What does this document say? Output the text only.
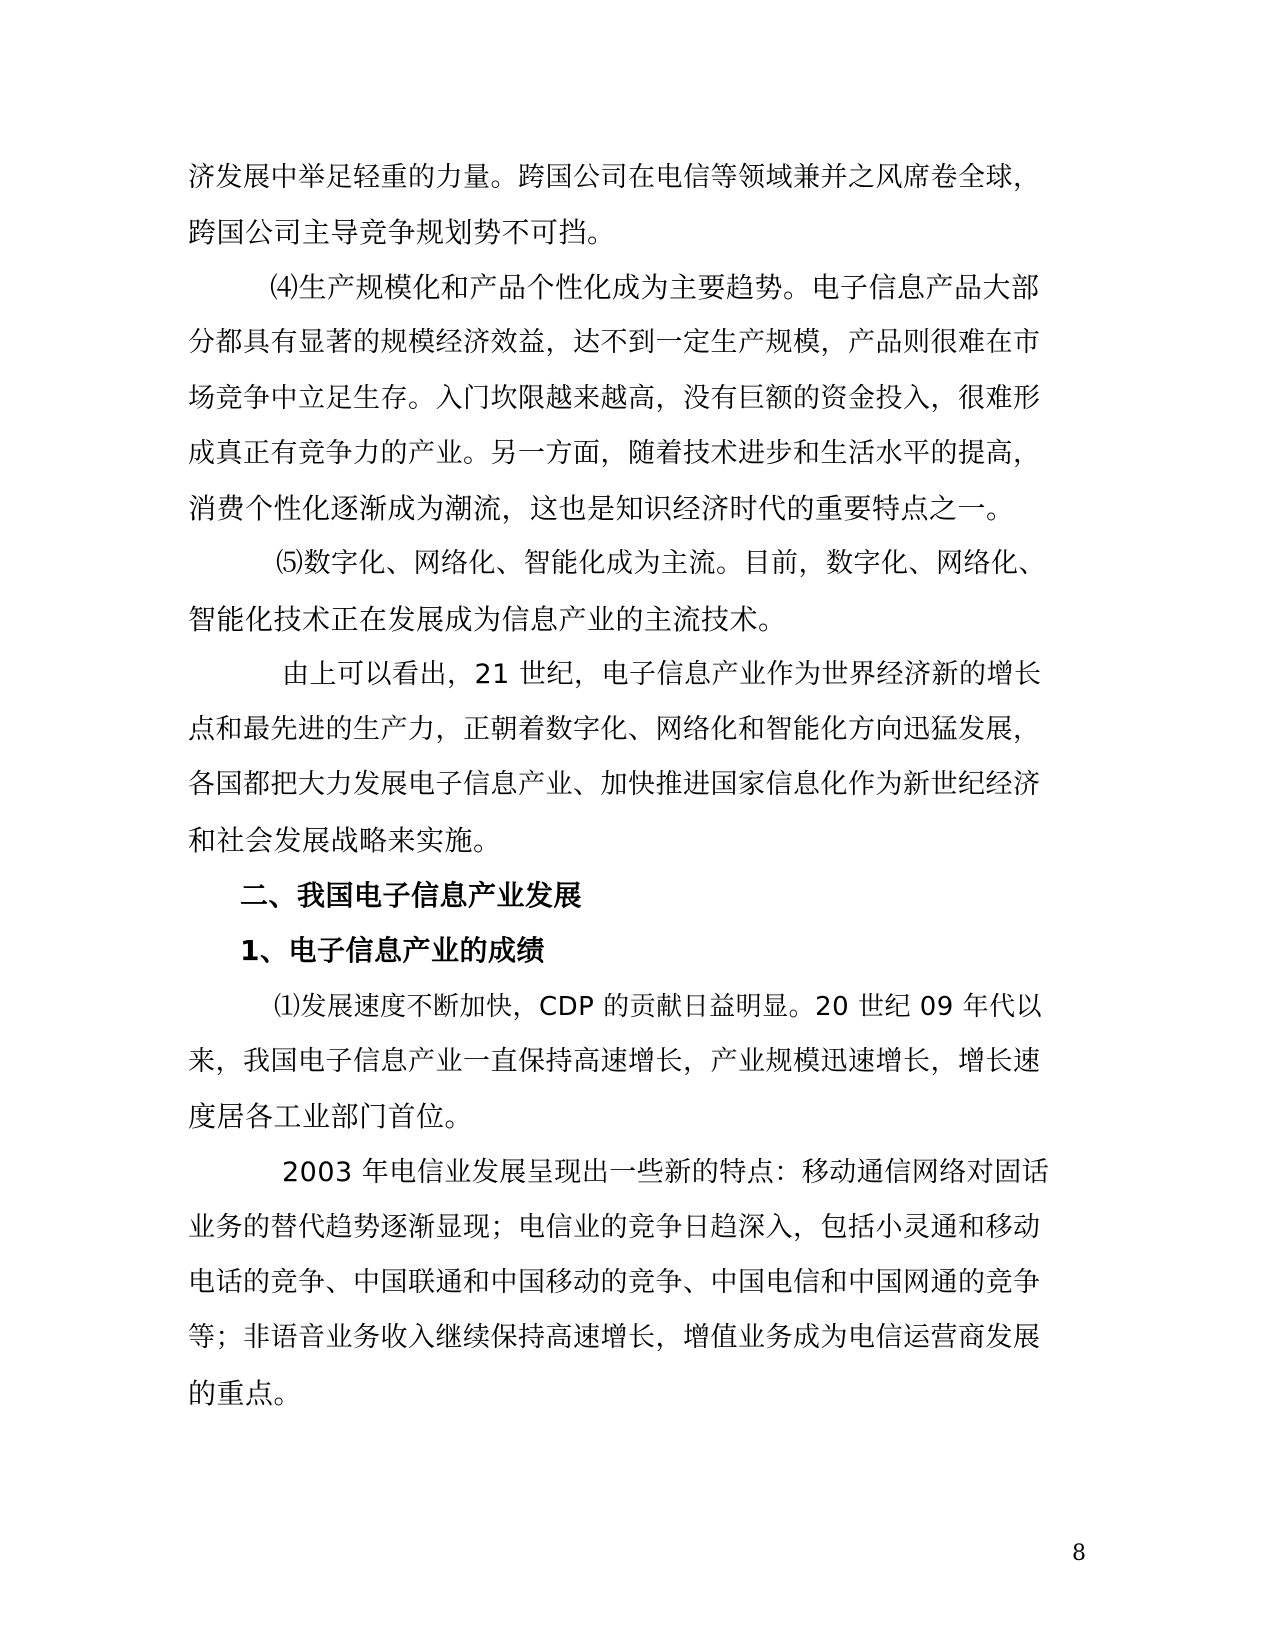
济发展中举足轻重的力量。跨国公司在电信等领域兼并之风席卷全球，
跨国公司主导竞争规划势不可挡。
⑷生产规模化和产品个性化成为主要趋势。电子信息产品大部
分都具有显著的规模经济效益，达不到一定生产规模，产品则很难在市
场竞争中立足生存。入门坎限越来越高，没有巨额的资金投入，很难形
成真正有竞争力的产业。另一方面，随着技术进步和生活水平的提高，
消费个性化逐渐成为潮流，这也是知识经济时代的重要特点之一。
⑸数字化、网络化、智能化成为主流。目前，数字化、网络化、
智能化技术正在发展成为信息产业的主流技术。
由上可以看出，21 世纪，电子信息产业作为世界经济新的增长
点和最先进的生产力，正朝着数字化、网络化和智能化方向迅猛发展，
各国都把大力发展电子信息产业、加快推进国家信息化作为新世纪经济
和社会发展战略来实施。
二、我国电子信息产业发展
1、电子信息产业的成绩
⑴发展速度不断加快，CDP 的贡献日益明显。20 世纪 09 年代以
来，我国电子信息产业一直保持高速增长，产业规模迅速增长，增长速
度居各工业部门首位。
2003 年电信业发展呈现出一些新的特点：移动通信网络对固话
业务的替代趋势逐渐显现；电信业的竞争日趋深入，包括小灵通和移动
电话的竞争、中国联通和中国移动的竞争、中国电信和中国网通的竞争
等；非语音业务收入继续保持高速增长，增值业务成为电信运营商发展
的重点。
8
